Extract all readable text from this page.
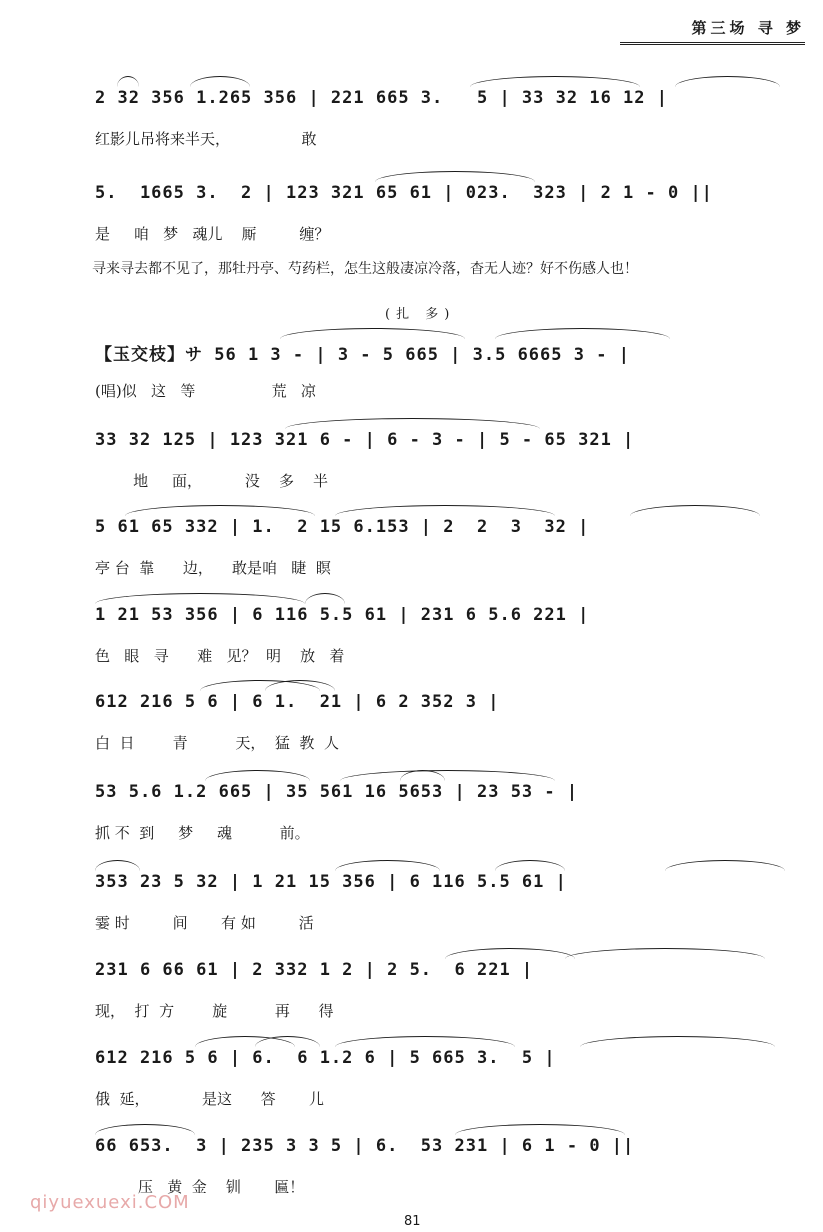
第三场 寻 梦
2 32 356 1.265 356 | 221 665 3.   5 | 33 32 16 12 |
红影儿吊将来半天，               敢
5.  1665 3.  2 | 123 321 65 61 | 023.  323 | 2 1 - 0 ||
是     咱   梦   魂儿    厮         缠？
寻来寻去都不见了，那牡丹亭、芍药栏，怎生这般凄凉冷落，杳无人迹？好不伤感人也！
(扎 多)
【玉交枝】サ 56 1 3 - | 3 - 5 665 | 3.5 6665 3 - |
(唱)似   这   等                荒   凉
33 32 125 | 123 321 6 - | 6 - 3 - | 5 - 65 321 |
地     面，         没    多    半
5 61 65 332 | 1.  2 15 6.153 | 2  2  3  32 |
亭 台  靠      边，    敢是咱   睫  瞑
1 21 53 356 | 6 116 5.5 61 | 231 6 5.6 221 |
色   眼   寻      难   见？  明    放   着
612 216 5 6 | 6 1.  21 | 6 2 352 3 |
白  日        青          天，  猛  教  人
53 5.6 1.2 665 | 35 561 16 5653 | 23 53 - |
抓 不  到     梦     魂          前。
353 23 5 32 | 1 21 15 356 | 6 116 5.5 61 |
霎 时         间       有 如         活
231 6 66 61 | 2 332 1 2 | 2 5.  6 221 |
现，  打  方        旋          再      得
612 216 5 6 | 6.  6 1.2 6 | 5 665 3.  5 |
俄  延，           是这      答       儿
66 653.  3 | 235 3 3 5 | 6.  53 231 | 6 1 - 0 ||
压   黄  金    钏       匾！
qiyuexuexi.COM
81
